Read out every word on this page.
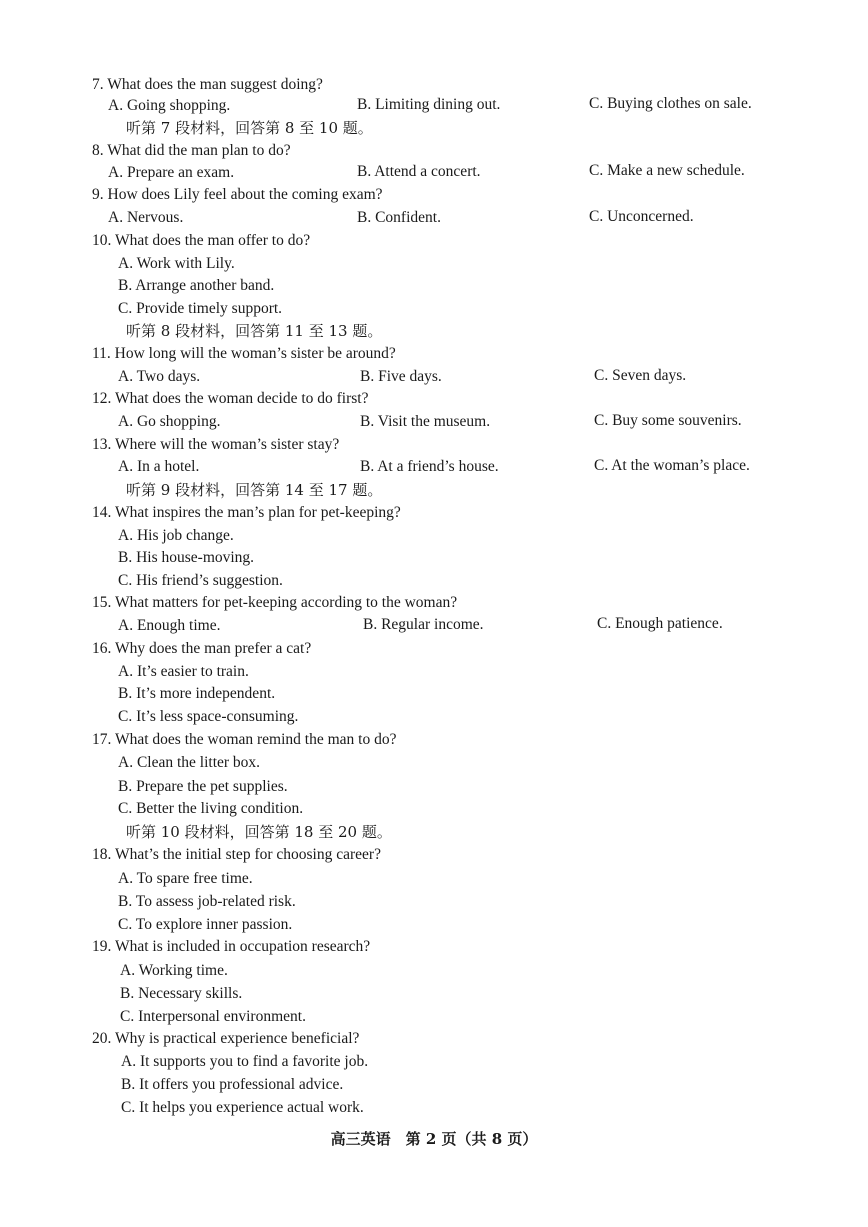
7. What does the man suggest doing?
A. Going shopping.	B. Limiting dining out.	C. Buying clothes on sale.
听第 7 段材料，回答第 8 至 10 题。
8. What did the man plan to do?
A. Prepare an exam.	B. Attend a concert.	C. Make a new schedule.
9. How does Lily feel about the coming exam?
A. Nervous.	B. Confident.	C. Unconcerned.
10. What does the man offer to do?
A. Work with Lily.
B. Arrange another band.
C. Provide timely support.
听第 8 段材料，回答第 11 至 13 题。
11. How long will the woman’s sister be around?
A. Two days.	B. Five days.	C. Seven days.
12. What does the woman decide to do first?
A. Go shopping.	B. Visit the museum.	C. Buy some souvenirs.
13. Where will the woman’s sister stay?
A. In a hotel.	B. At a friend’s house.	C. At the woman’s place.
听第 9 段材料，回答第 14 至 17 题。
14. What inspires the man’s plan for pet-keeping?
A. His job change.
B. His house-moving.
C. His friend’s suggestion.
15. What matters for pet-keeping according to the woman?
A. Enough time.	B. Regular income.	C. Enough patience.
16. Why does the man prefer a cat?
A. It’s easier to train.
B. It’s more independent.
C. It’s less space-consuming.
17. What does the woman remind the man to do?
A. Clean the litter box.
B. Prepare the pet supplies.
C. Better the living condition.
听第 10 段材料，回答第 18 至 20 题。
18. What’s the initial step for choosing career?
A. To spare free time.
B. To assess job-related risk.
C. To explore inner passion.
19. What is included in occupation research?
A. Working time.
B. Necessary skills.
C. Interpersonal environment.
20. Why is practical experience beneficial?
A. It supports you to find a favorite job.
B. It offers you professional advice.
C. It helps you experience actual work.
高三英语　第 2 页（共 8 页）
